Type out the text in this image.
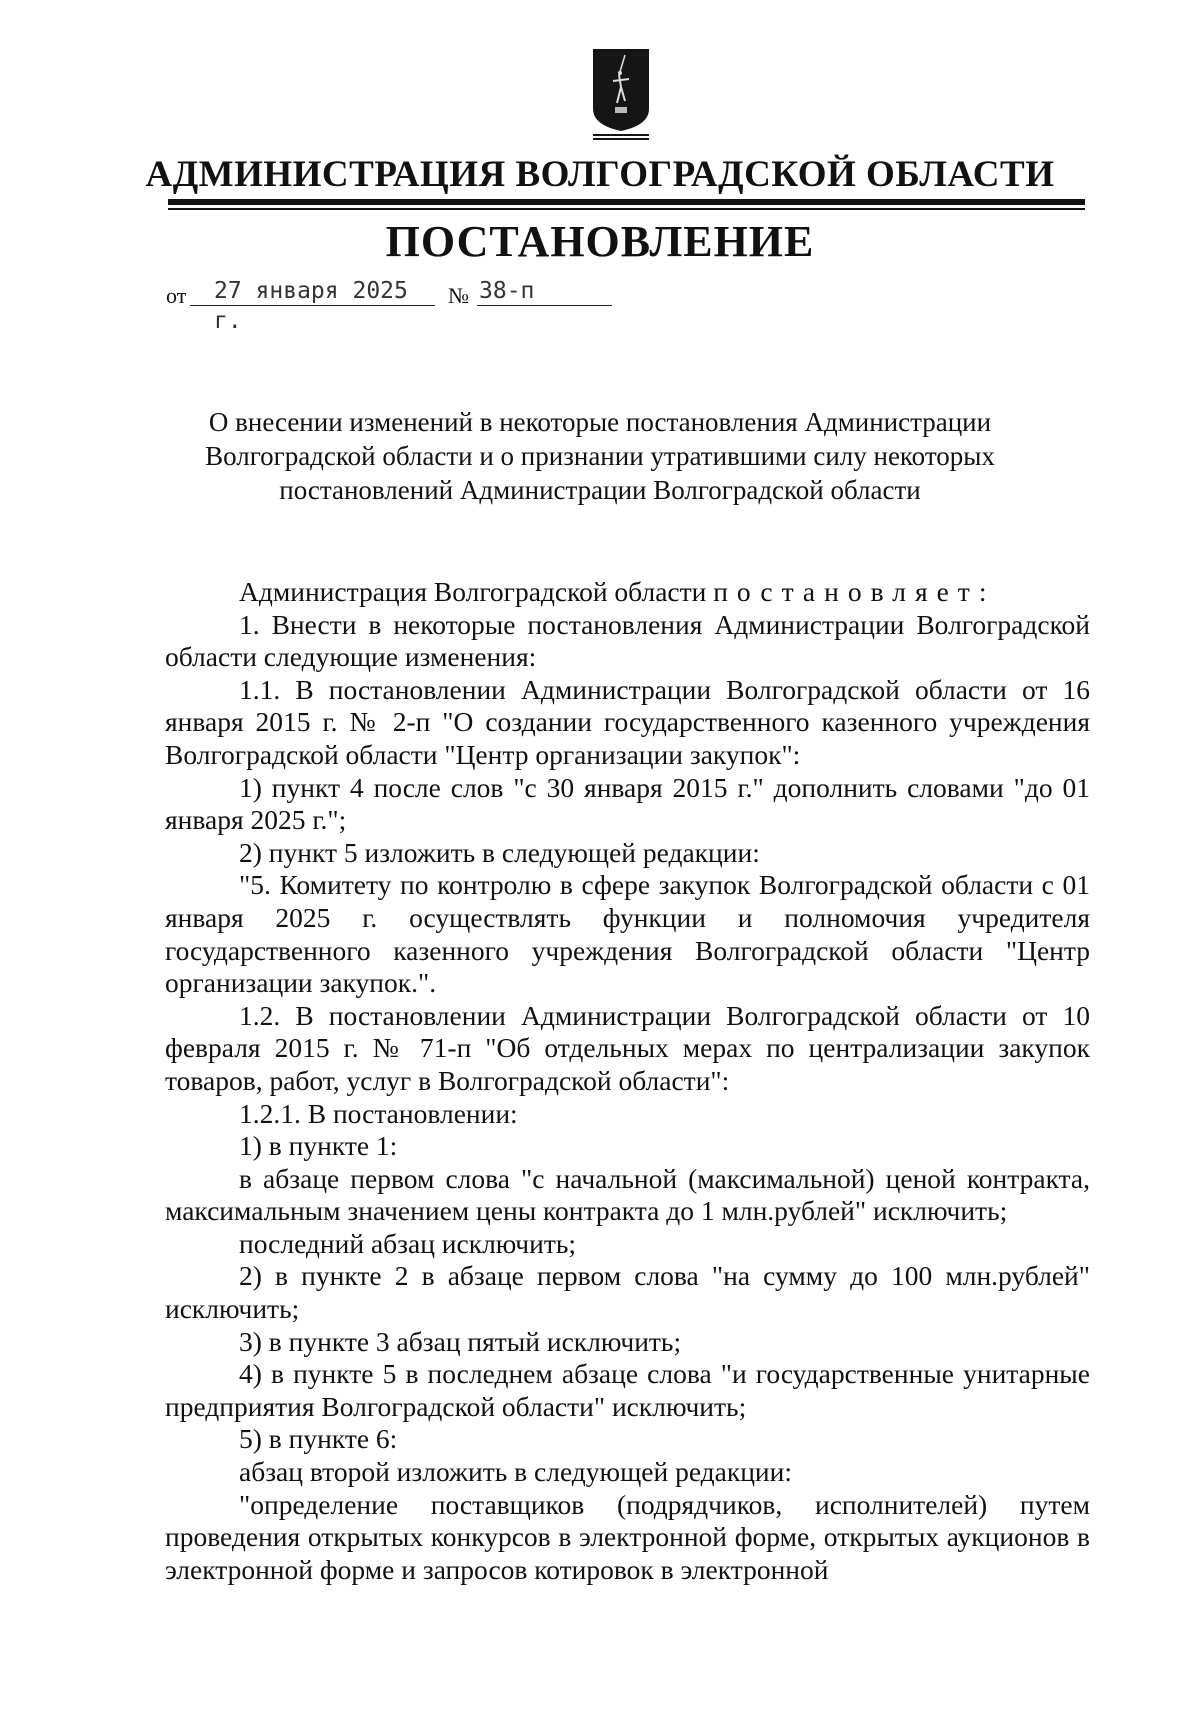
АДМИНИСТРАЦИЯ ВОЛГОГРАДСКОЙ ОБЛАСТИ
ПОСТАНОВЛЕНИЕ
от	27 января 2025 г.
№ 38-п
О внесении изменений в некоторые постановления Администрации Волгоградской области и о признании утратившими силу некоторых постановлений Администрации Волгоградской области

Администрация Волгоградской области постановляет:

1. Внести в некоторые постановления Администрации Волгоградской области следующие изменения:

1.1. В постановлении Администрации Волгоградской области от 16 января 2015 г. № 2-п "О создании государственного казенного учреждения Волгоградской области "Центр организации закупок":

1) пункт 4 после слов "с 30 января 2015 г." дополнить словами "до 01 января 2025 г.";

2) пункт 5 изложить в следующей редакции:

"5. Комитету по контролю в сфере закупок Волгоградской области с 01 января 2025 г. осуществлять функции и полномочия учредителя государственного казенного учреждения Волгоградской области "Центр организации закупок.".

1.2. В постановлении Администрации Волгоградской области от 10 февраля 2015 г. № 71-п "Об отдельных мерах по централизации закупок товаров, работ, услуг в Волгоградской области":

1.2.1. В постановлении:

1) в пункте 1:

в абзаце первом слова "с начальной (максимальной) ценой контракта, максимальным значением цены контракта до 1 млн.рублей" исключить;

последний абзац исключить;

2) в пункте 2 в абзаце первом слова "на сумму до 100 млн.рублей" исключить;

3) в пункте 3 абзац пятый исключить;

4) в пункте 5 в последнем абзаце слова "и государственные унитарные предприятия Волгоградской области" исключить;

5) в пункте 6:

абзац второй изложить в следующей редакции:

"определение поставщиков (подрядчиков, исполнителей) путем проведения открытых конкурсов в электронной форме, открытых аукционов в электронной форме и запросов котировок в электронной
